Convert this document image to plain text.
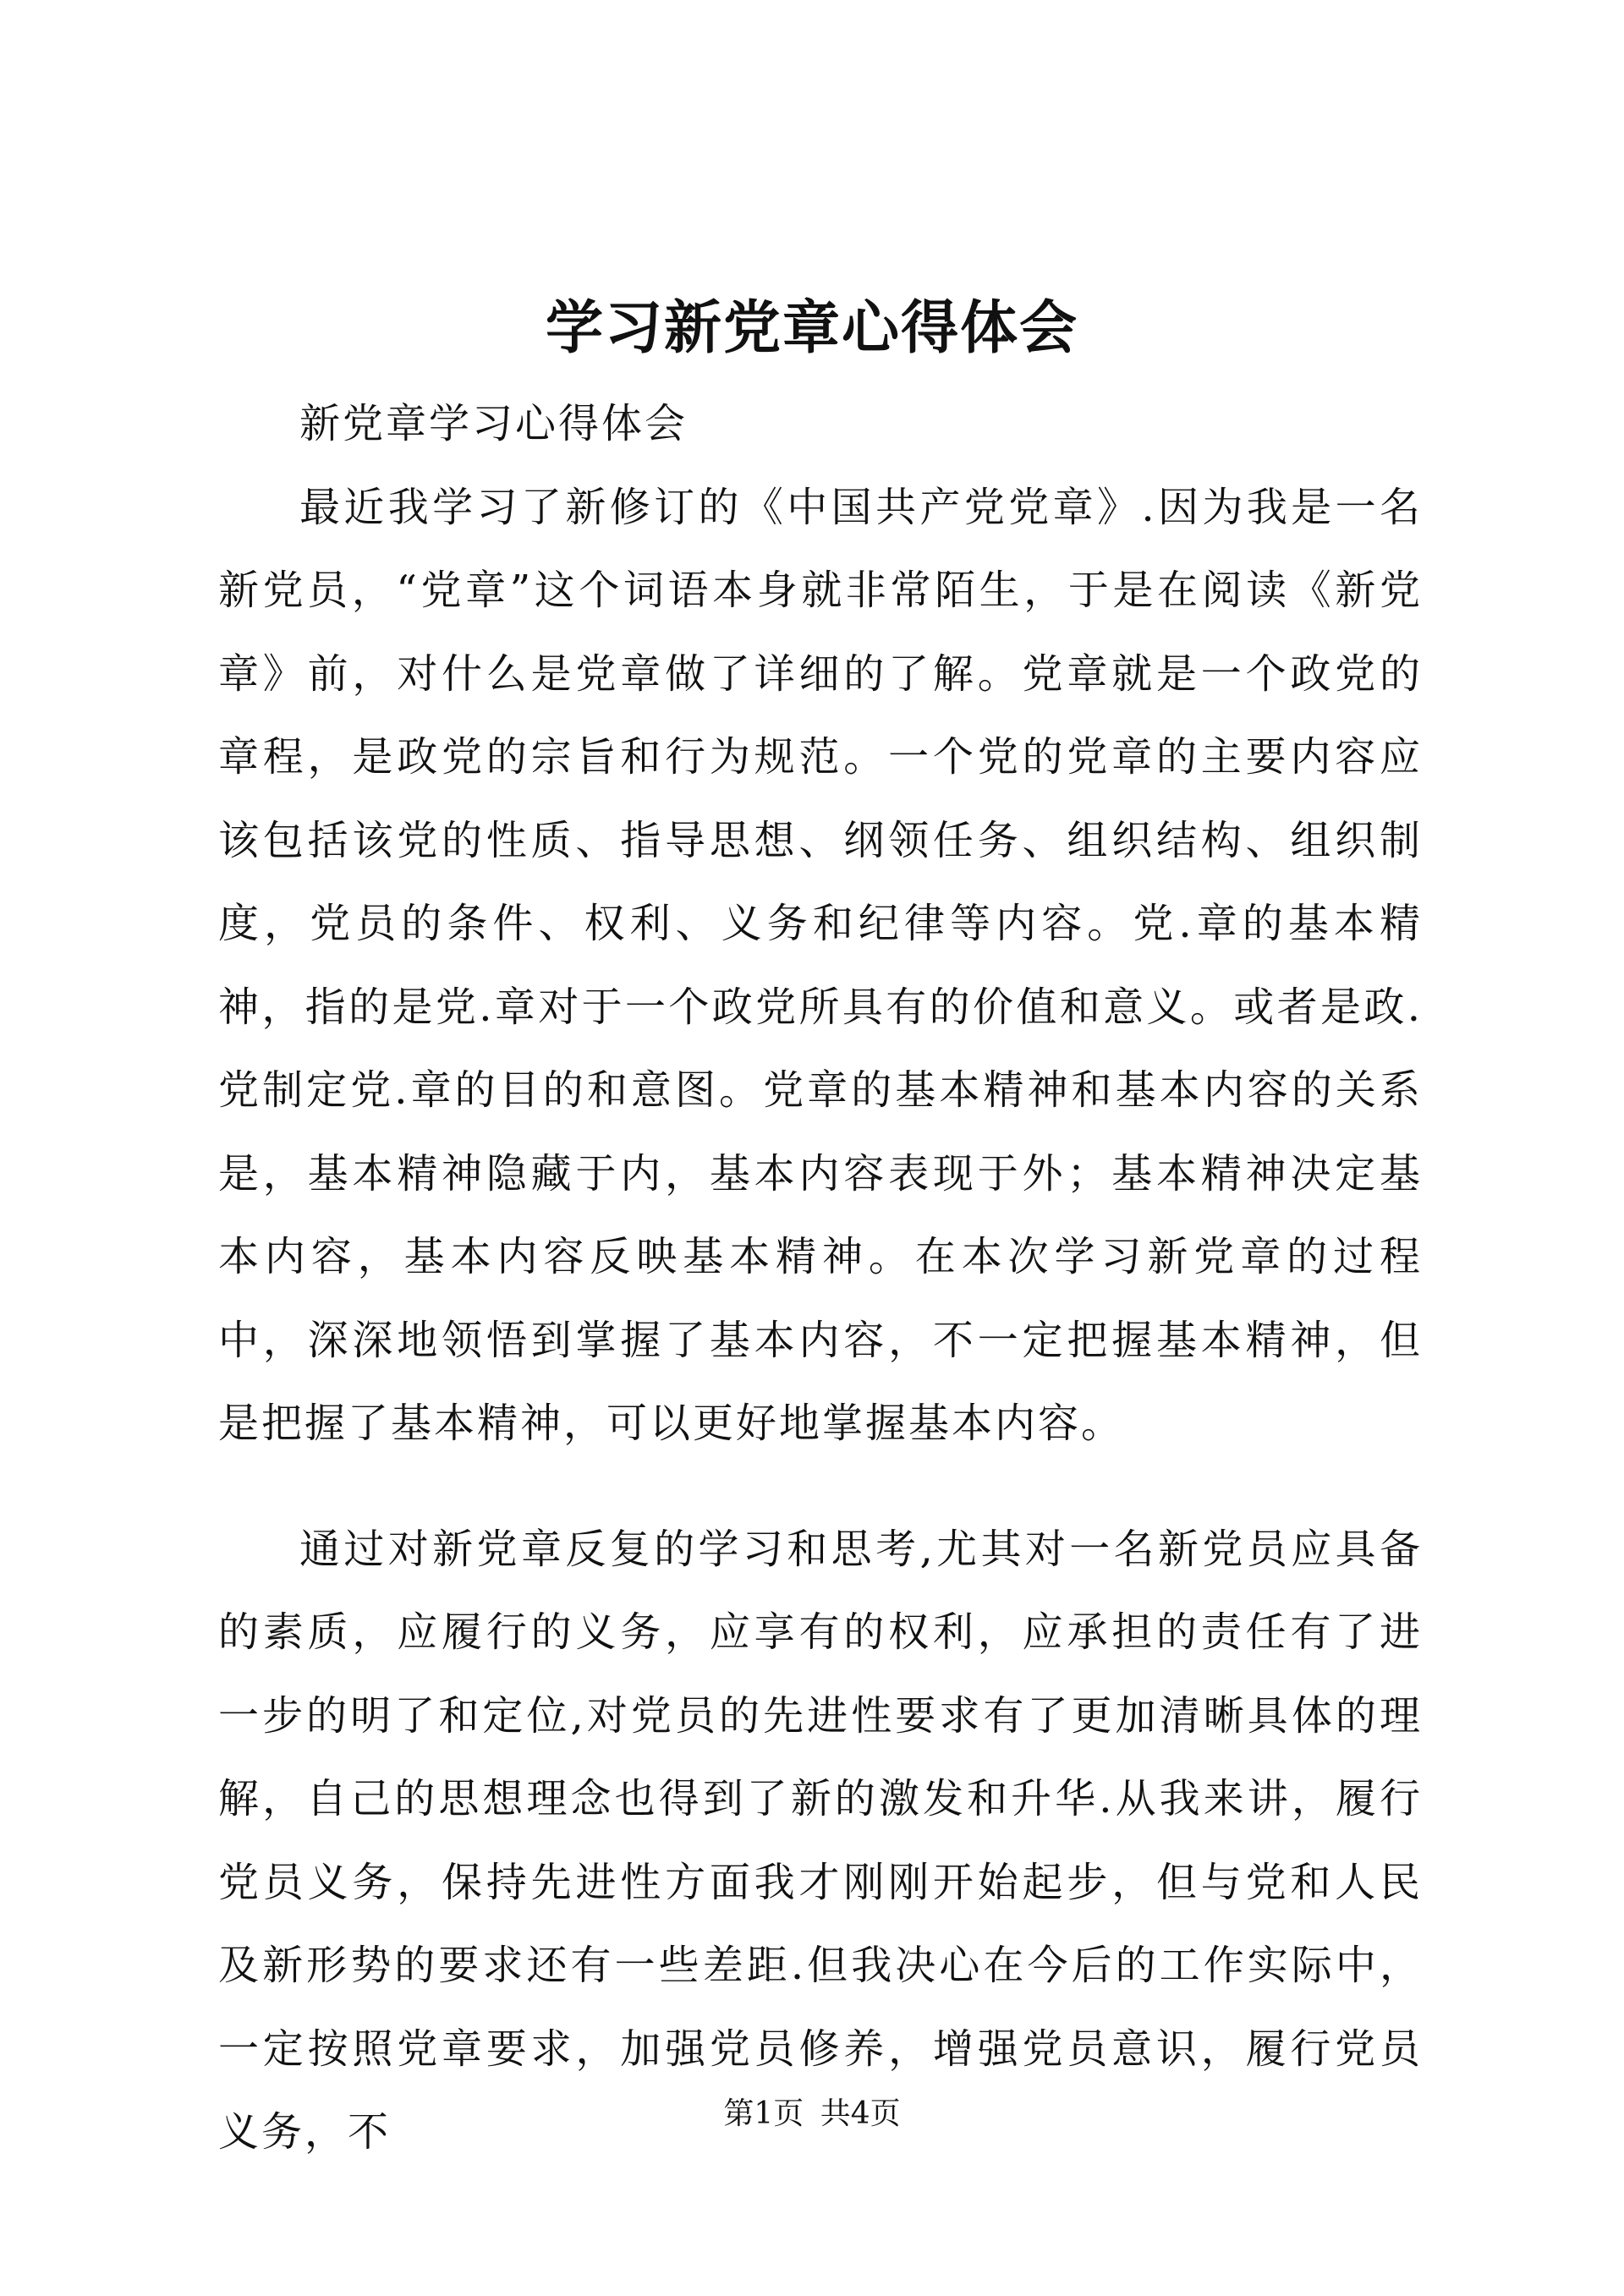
学习新党章心得体会

新党章学习心得体会

最近我学习了新修订的《中国共产党党章》.因为我是一名新党员，“党章”这个词语本身就非常陌生，于是在阅读《新党章》前，对什么是党章做了详细的了解。党章就是一个政党的章程，是政党的宗旨和行为规范。一个党的党章的主要内容应该包括该党的性质、指导思想、纲领任务、组织结构、组织制度，党员的条件、权利、义务和纪律等内容。党.章的基本精神，指的是党.章对于一个政党所具有的价值和意义。或者是政.党制定党.章的目的和意图。党章的基本精神和基本内容的关系是，基本精神隐藏于内，基本内容表现于外；基本精神决定基本内容，基本内容反映基本精神。在本次学习新党章的过程中，深深地领悟到掌握了基本内容，不一定把握基本精神，但是把握了基本精神，可以更好地掌握基本内容。

通过对新党章反复的学习和思考,尤其对一名新党员应具备的素质，应履行的义务，应享有的权利，应承担的责任有了进一步的明了和定位,对党员的先进性要求有了更加清晰具体的理解，自己的思想理念也得到了新的激发和升华.从我来讲，履行党员义务，保持先进性方面我才刚刚开始起步，但与党和人民及新形势的要求还有一些差距.但我决心在今后的工作实际中，一定按照党章要求，加强党员修养，增强党员意识，履行党员义务，不	第1页 共4页
